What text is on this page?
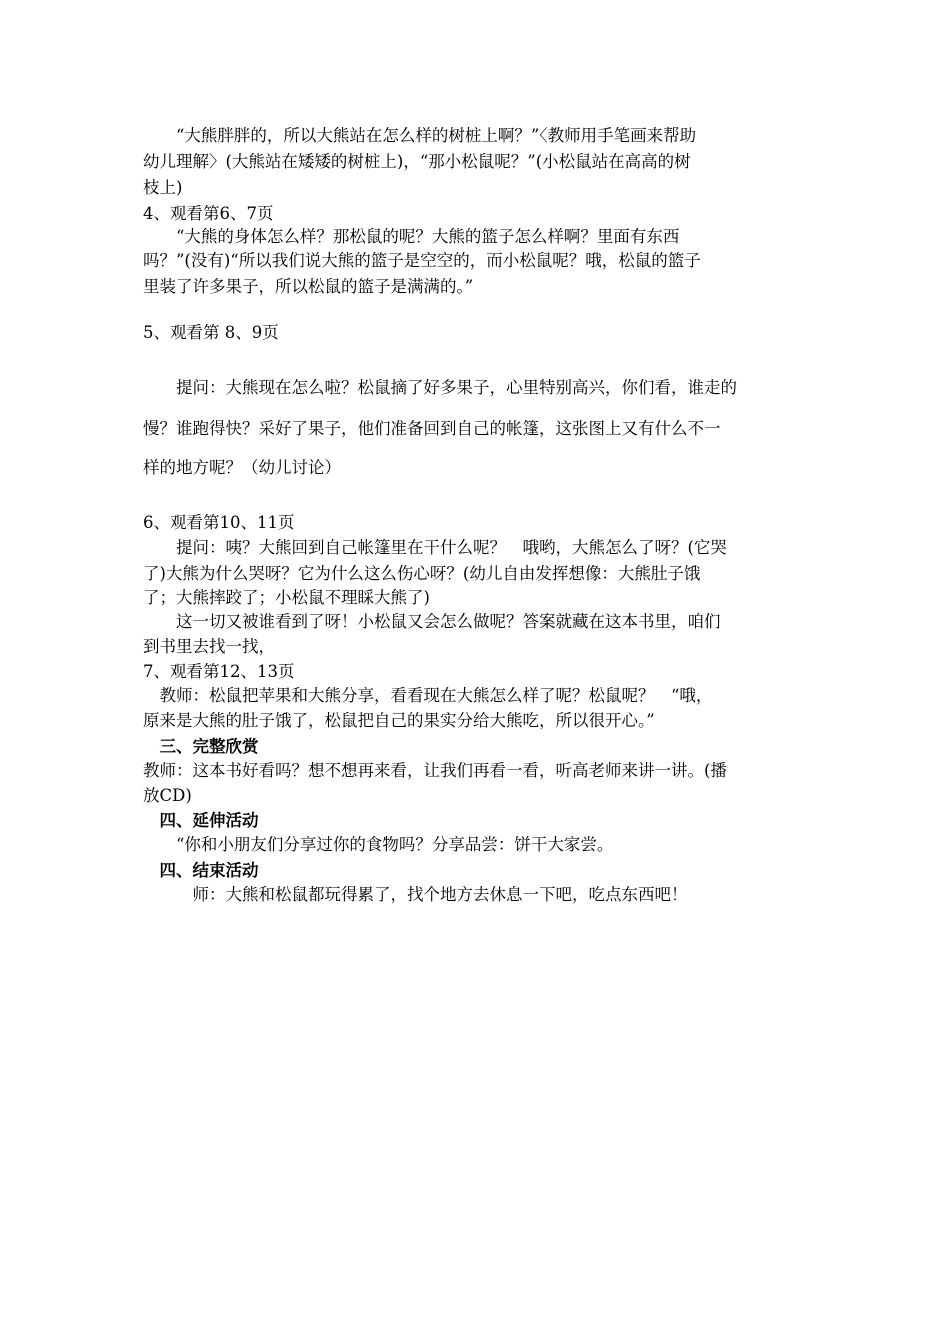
　　“大熊胖胖的，所以大熊站在怎么样的树桩上啊？”〈教师用手笔画来帮助
幼儿理解〉(大熊站在矮矮的树桩上)，“那小松鼠呢？”(小松鼠站在高高的树
枝上)
4、观看第6、7页
　　“大熊的身体怎么样？那松鼠的呢？大熊的篮子怎么样啊？里面有东西
吗？”(没有)“所以我们说大熊的篮子是空空的，而小松鼠呢？哦，松鼠的篮子
里装了许多果子，所以松鼠的篮子是满满的。”
5、观看第 8、9页
　　提问：大熊现在怎么啦？松鼠摘了好多果子，心里特别高兴，你们看，谁走的
慢？谁跑得快？采好了果子，他们准备回到自己的帐篷，这张图上又有什么不一
样的地方呢？（幼儿讨论）
6、观看第10、11页
　　提问：咦？大熊回到自己帐篷里在干什么呢？　哦哟，大熊怎么了呀？(它哭
了)大熊为什么哭呀？它为什么这么伤心呀？(幼儿自由发挥想像：大熊肚子饿
了；大熊摔跤了；小松鼠不理睬大熊了)
　　这一切又被谁看到了呀！小松鼠又会怎么做呢？答案就藏在这本书里，咱们
到书里去找一找，
7、观看第12、13页
　教师：松鼠把苹果和大熊分享，看看现在大熊怎么样了呢？松鼠呢？　“哦，
原来是大熊的肚子饿了，松鼠把自己的果实分给大熊吃，所以很开心。”
　三、完整欣赏
教师：这本书好看吗？想不想再来看，让我们再看一看，听高老师来讲一讲。(播
放CD)
　四、延伸活动
　　“你和小朋友们分享过你的食物吗？分享品尝：饼干大家尝。
　四、结束活动
　　　师：大熊和松鼠都玩得累了，找个地方去休息一下吧，吃点东西吧！
